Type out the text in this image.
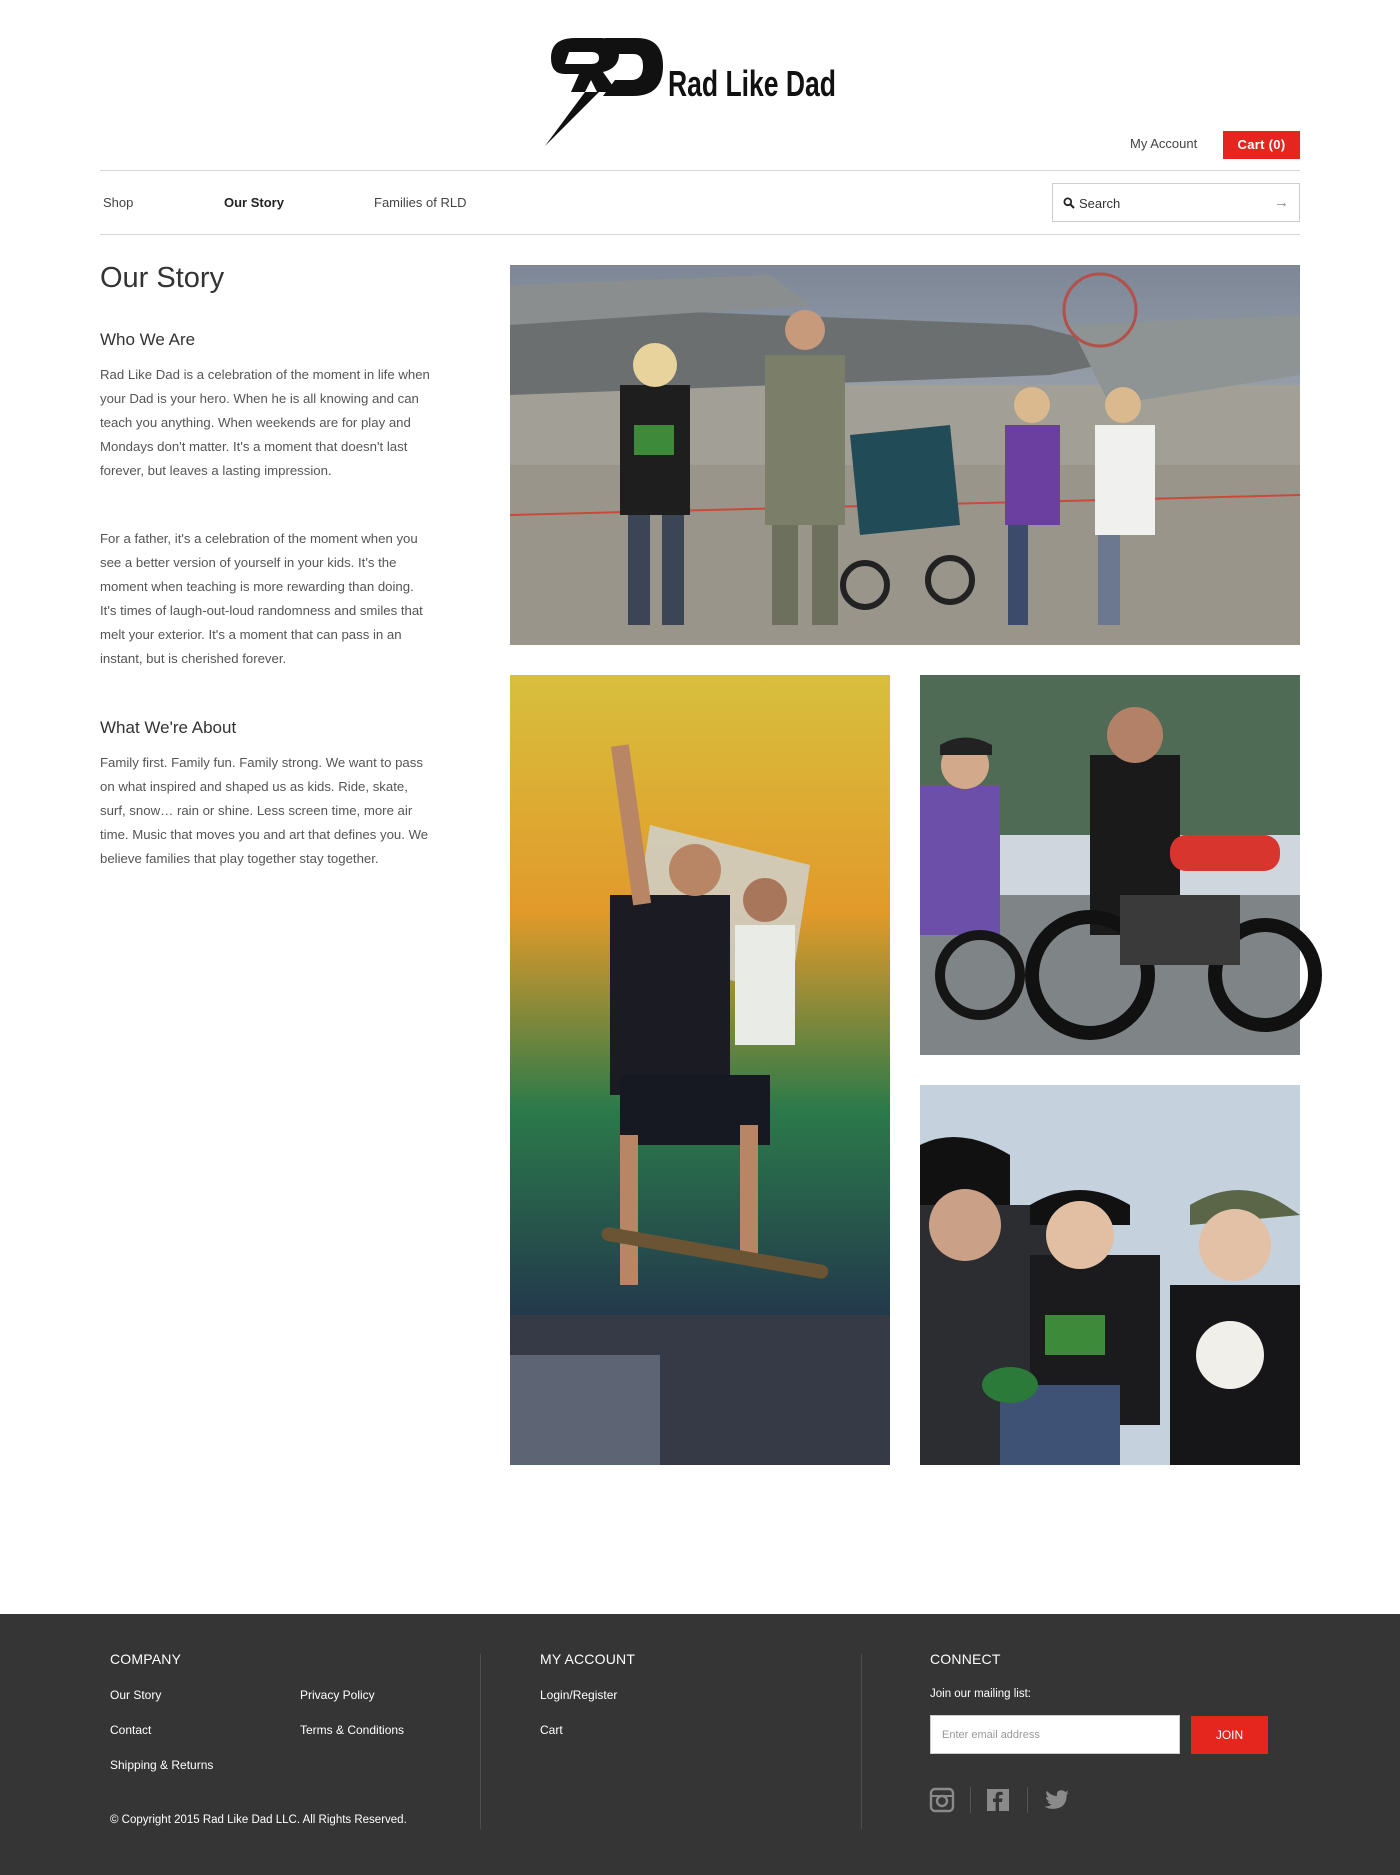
Rad Like Dad
My Account	Cart (0)
Shop	Our Story	Families of RLD
Search	→
Our Story
Who We Are

Rad Like Dad is a celebration of the moment in life when your Dad is your hero. When he is all knowing and can teach you anything. When weekends are for play and Mondays don't matter. It's a moment that doesn't last forever, but leaves a lasting impression.

For a father, it's a celebration of the moment when you see a better version of yourself in your kids. It's the moment when teaching is more rewarding than doing. It's times of laugh-out-loud randomness and smiles that melt your exterior. It's a moment that can pass in an instant, but is cherished forever.

What We're About

Family first. Family fun. Family strong. We want to pass on what inspired and shaped us as kids. Ride, skate, surf, snow… rain or shine. Less screen time, more air time. Music that moves you and art that defines you. We believe families that play together stay together.

COMPANY
Our Story
Contact
Shipping & Returns
Privacy Policy
Terms & Conditions
© Copyright 2015 Rad Like Dad LLC. All Rights Reserved.
MY ACCOUNT
Login/Register
Cart
CONNECT
Join our mailing list:
Enter email address
JOIN
